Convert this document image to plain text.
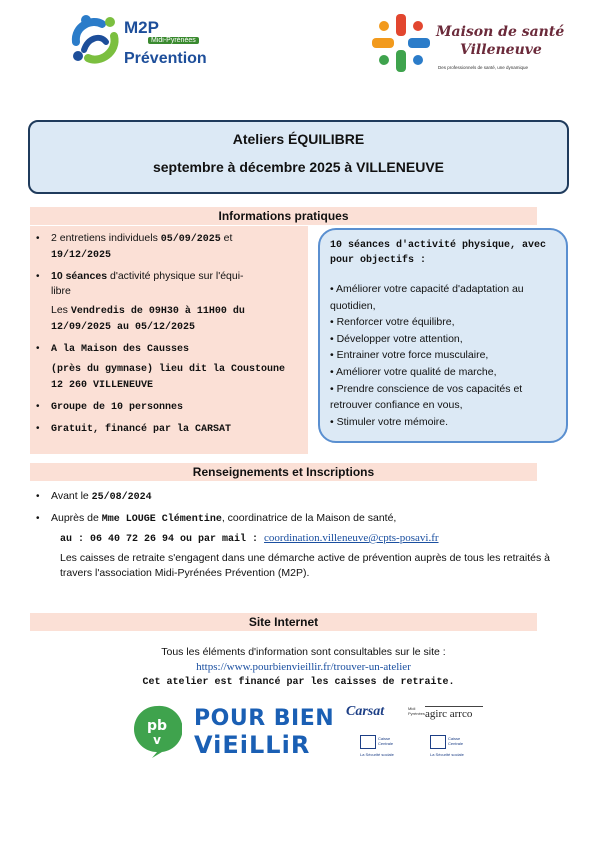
M2P
Midi-Pyrénées
Prévention
Maison de santé
Villeneuve
Des professionnels de santé, une dynamique
Ateliers ÉQUILIBRE
septembre à décembre 2025 à VILLENEUVE
Informations pratiques
• 2 entretiens individuels 05/09/2025 et
19/12/2025
• 10 séances d'activité physique sur l'équi-
libre
Les Vendredis de 09H30 à 11H00 du
12/09/2025 au 05/12/2025
• A la Maison des Causses
(près du gymnase) lieu dit la Coustoune
12 260 VILLENEUVE
• Groupe de 10 personnes
• Gratuit, financé par la CARSAT
10 séances d'activité physique, avec pour objectifs :
• Améliorer votre capacité d'adaptation au quotidien,
• Renforcer votre équilibre,
• Développer votre attention,
• Entrainer votre force musculaire,
• Améliorer votre qualité de marche,
• Prendre conscience de vos capacités et retrouver confiance en vous,
• Stimuler votre mémoire.
Renseignements et Inscriptions
• Avant le 25/08/2024
• Auprès de Mme LOUGE Clémentine, coordinatrice de la Maison de santé,
au : 06 40 72 26 94 ou par mail : coordination.villeneuve@cpts-posavi.fr
Les caisses de retraite s'engagent dans une démarche active de prévention auprès de tous les retraités à travers l'association Midi-Pyrénées Prévention (M2P).
Site Internet
Tous les éléments d'information sont consultables sur le site :
https://www.pourbienvieillir.fr/trouver-un-atelier
Cet atelier est financé par les caisses de retraite.
pb
v
POUR BIEN
ViEiLLiR
Carsat	Midi Pyrénées agirc arrco
Caisse Centrale
La Sécurité sociale
Caisse Centrale
La Sécurité sociale
